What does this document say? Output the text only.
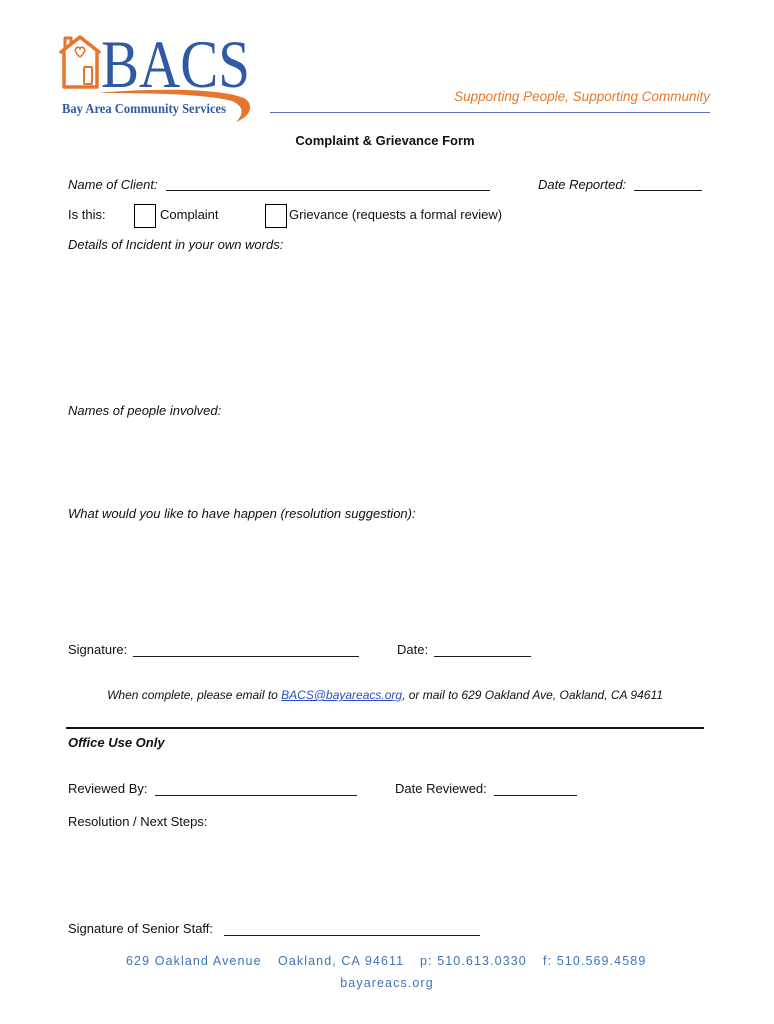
BACS
Bay Area Community Services
Supporting People, Supporting Community
Complaint & Grievance Form
Name of Client:	Date Reported:
Is this:	Complaint	Grievance (requests a formal review)
Details of Incident in your own words:
Names of people involved:
What would you like to have happen (resolution suggestion):
Signature:	Date:
When complete, please email to BACS@bayareacs.org, or mail to 629 Oakland Ave, Oakland, CA 94611
Office Use Only
Reviewed By:	Date Reviewed:
Resolution / Next Steps:
Signature of Senior Staff:
629 Oakland Avenue Oakland, CA 94611 p: 510.613.0330 f: 510.569.4589
bayareacs.org
